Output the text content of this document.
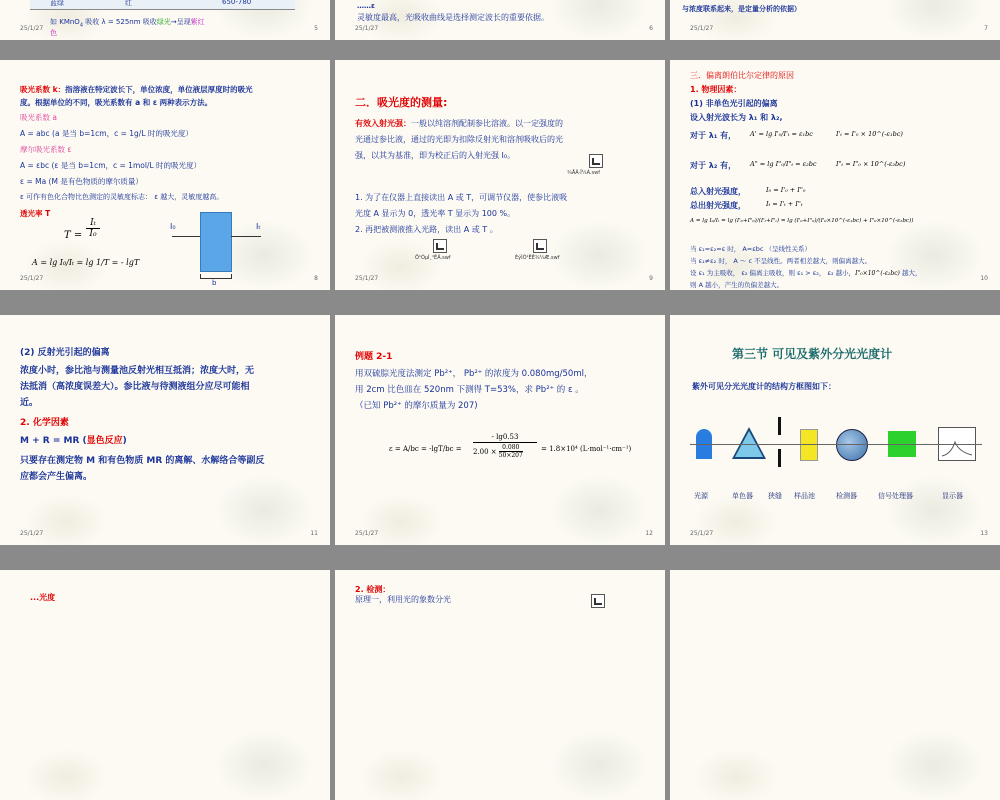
蓝绿	红	650-780
如 KMnO$_4$ 吸收 λ = 525nm 吸收绿光→呈现紫红
色
25/1/27	5
……ε
灵敏度最高，光吸收曲线是选择测定波长的重要依据。
25/1/27	6
与浓度联系起来，是定量分析的依据）
25/1/27	7
吸光系数 k：指溶液在特定波长下，单位浓度，单位液层厚度时的吸光
度。根据单位的不同，吸光系数有 a 和 ε 两种表示方法。
吸光系数 a
A = abc (a 是当 b=1cm，c = 1g/L 时的吸光度）
摩尔吸光系数 ε
A = εbc (ε 是当 b=1cm，c = 1mol/L 时的吸光度）
ε = Ma (M 是有色物质的摩尔质量）
ε 可作有色化合物比色测定的灵敏度标志： ε 越大，灵敏度越高。
透光率 T
T =
Iₜ
I₀
A = lg I₀/Iₜ = lg 1/T = - lgT
I₀	Iₜ
b
25/1/27	8
二．吸光度的测量:
有效入射光强：一般以纯溶剂配制参比溶液。以一定强度的
光通过参比液，通过的光即为扣除反射光和溶剂吸收后的光
强，以其为基准，即为校正后的入射光强 I₀。
¾ÅÃ·Î¼Á.swf
1. 为了在仪器上直接读出 A 或 T，可调节仪器，使参比液吸
光度 A 显示为 0，透光率 T 显示为 100 %。
2. 再把被测液推入光路，读出 A 或 T 。
Ö¹ÕµÍ¸¹ÊÂ.swf	ÈýÌÕ¹ËÊ¾¼Æ.swf
25/1/27	9
三．偏离朗伯比尔定律的原因
1. 物理因素：
(1) 非单色光引起的偏离
设入射光波长为 λ₁ 和 λ₂,
对于 λ₁ 有， A' = lg I'₀/I'ₜ = ε₁bc	I'ₜ = I'₀ × 10^(-ε₁bc)
对于 λ₂ 有， A" = lg I"₀/I"ₜ = ε₂bc	I"ₜ = I"₀ × 10^(-ε₂bc)
总入射光强度，	I₀ = I'₀ + I"₀
总出射光强度，	Iₜ = I'ₜ + I"ₜ
A = lg I₀/Iₜ = lg (I'₀+I"₀)/(I'ₜ+I"ₜ) = lg (I'₀+I"₀)/(I'₀×10^(-ε₁bc) + I"₀×10^(-ε₂bc))
当 ε₁=ε₂=ε 时， A=εbc （呈线性关系）
当 ε₁≠ε₂ 时， A ～ c 不呈线性。两者相差越大，则偏离越大。
设 ε₁ 为主吸收， ε₂ 偏离主吸收，则 ε₁ > ε₂， ε₂ 越小，I"₀×10^(-ε₂bc) 越大，
则 A 越小，产生的负偏差越大。
10
(2) 反射光引起的偏离
浓度小时，参比池与测量池反射光相互抵消；浓度大时，无
法抵消（高浓度误差大）。参比液与待测液组分应尽可能相
近。
2. 化学因素
M + R = MR (显色反应)
只要存在测定物 M 和有色物质 MR 的离解、水解络合等副反
应都会产生偏离。
25/1/27	11
例题 2-1
用双硫腙光度法测定 Pb²⁺， Pb²⁺ 的浓度为 0.080mg/50ml，
用 2cm 比色皿在 520nm 下测得 T=53%，求 Pb²⁺ 的 ε 。
（已知 Pb²⁺ 的摩尔质量为 207)
ε = A/bc = -lgT/bc =
- lg0.53
2.00 × 0.080
50×207
= 1.8×10⁴ (L·mol⁻¹·cm⁻¹)
25/1/27	12
第三节 可见及紫外分光光度计
紫外可见分光光度计的结构方框图如下：
光源	单色器 狭缝 样品池	检测器	信号处理器	显示器
25/1/27	13
...光度
2. 检测：
原理一，利用光的象数分光
